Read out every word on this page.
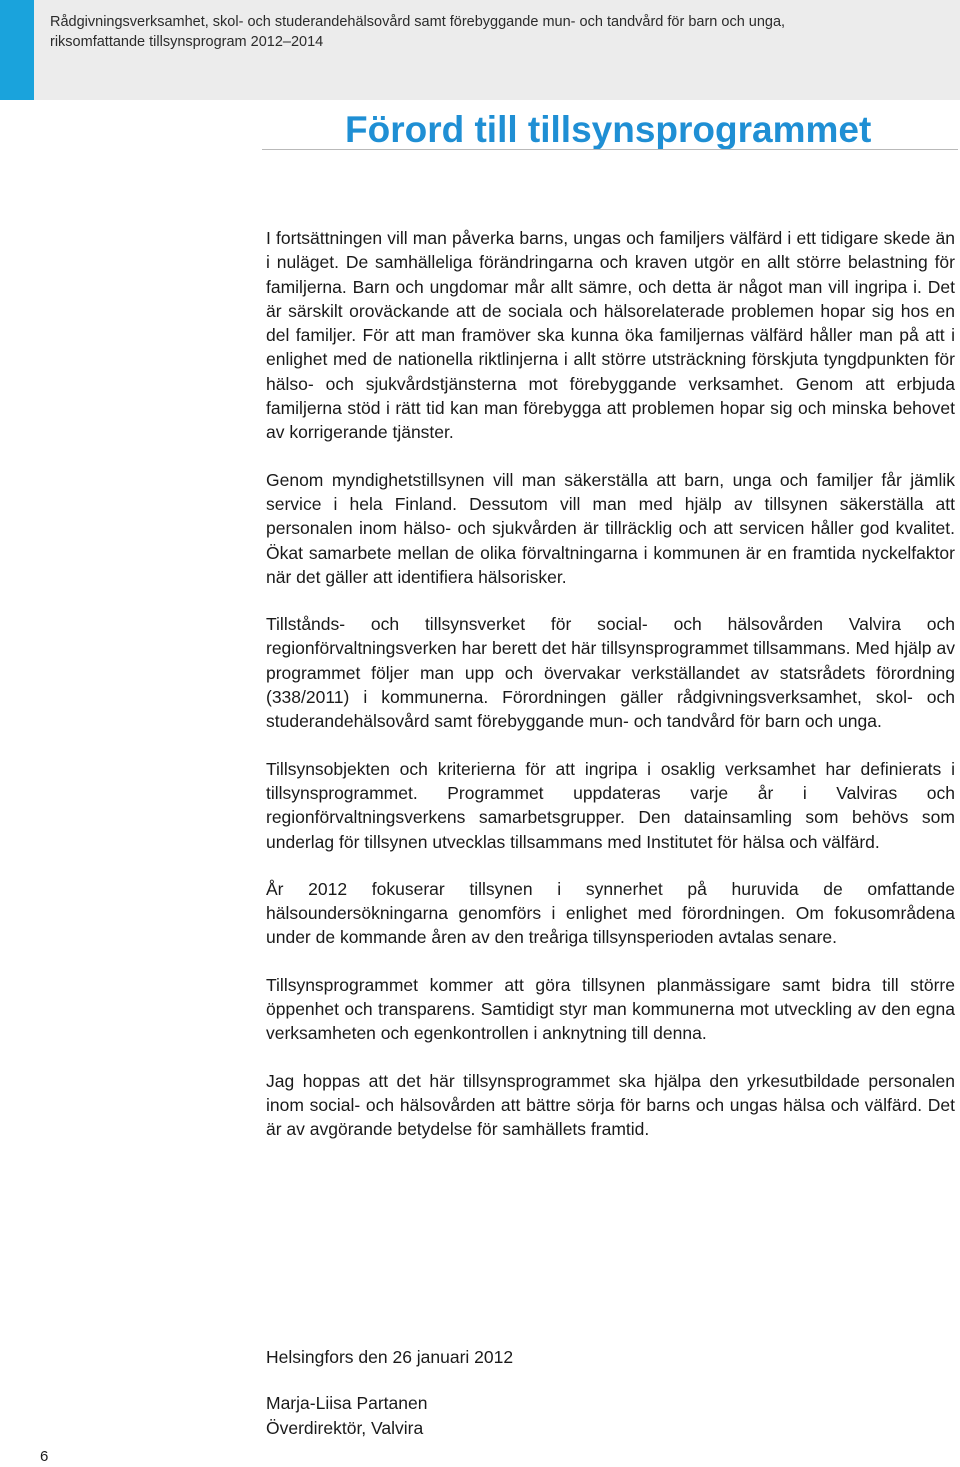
Rådgivningsverksamhet, skol- och studerandehälsovård samt förebyggande mun- och tandvård för barn och unga,
riksomfattande tillsynsprogram 2012–2014
Förord till tillsynsprogrammet

I fortsättningen vill man påverka barns, ungas och familjers välfärd i ett tidigare skede än i nuläget. De samhälleliga förändringarna och kraven utgör en allt större belastning för familjerna. Barn och ungdomar mår allt sämre, och detta är något man vill ingripa i. Det är särskilt oroväckande att de sociala och hälsorelaterade problemen hopar sig hos en del familjer. För att man framöver ska kunna öka familjernas välfärd håller man på att i enlighet med de nationella riktlinjerna i allt större utsträckning förskjuta tyngdpunkten för hälso- och sjukvårdstjänsterna mot förebyggande verksamhet. Genom att erbjuda familjerna stöd i rätt tid kan man förebygga att problemen hopar sig och minska behovet av korrigerande tjänster.

Genom myndighetstillsynen vill man säkerställa att barn, unga och familjer får jämlik service i hela Finland. Dessutom vill man med hjälp av tillsynen säkerställa att personalen inom hälso- och sjukvården är tillräcklig och att servicen håller god kvalitet. Ökat samarbete mellan de olika förvaltningarna i kommunen är en framtida nyckelfaktor när det gäller att identifiera hälsorisker.

Tillstånds- och tillsynsverket för social- och hälsovården Valvira och regionförvaltningsverken har berett det här tillsynsprogrammet tillsammans. Med hjälp av programmet följer man upp och övervakar verkställandet av statsrådets förordning (338/2011) i kommunerna. Förordningen gäller rådgivningsverksamhet, skol- och studerandehälsovård samt förebyggande mun- och tandvård för barn och unga.

Tillsynsobjekten och kriterierna för att ingripa i osaklig verksamhet har definierats i tillsynsprogrammet. Programmet uppdateras varje år i Valviras och regionförvaltningsverkens samarbetsgrupper. Den datainsamling som behövs som underlag för tillsynen utvecklas tillsammans med Institutet för hälsa och välfärd.

År 2012 fokuserar tillsynen i synnerhet på huruvida de omfattande hälsoundersökningarna genomförs i enlighet med förordningen. Om fokusområdena under de kommande åren av den treåriga tillsynsperioden avtalas senare.

Tillsynsprogrammet kommer att göra tillsynen planmässigare samt bidra till större öppenhet och transparens. Samtidigt styr man kommunerna mot utveckling av den egna verksamheten och egenkontrollen i anknytning till denna.

Jag hoppas att det här tillsynsprogrammet ska hjälpa den yrkesutbildade personalen inom social- och hälsovården att bättre sörja för barns och ungas hälsa och välfärd. Det är av avgörande betydelse för samhällets framtid.

Helsingfors den 26 januari 2012

Marja-Liisa Partanen

Överdirektör, Valvira

6
